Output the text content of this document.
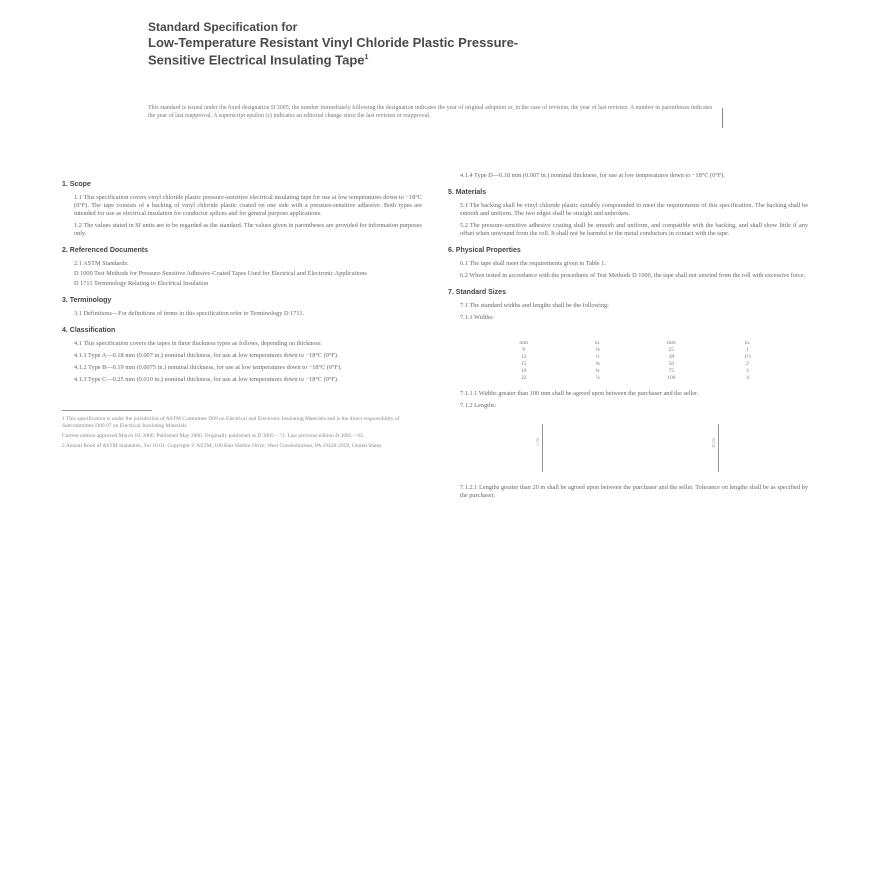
Standard Specification for
Low-Temperature Resistant Vinyl Chloride Plastic Pressure-
Sensitive Electrical Insulating Tape$^1$
This standard is issued under the fixed designation D 3005; the number immediately following the designation indicates the year of original adoption or, in the case of revision, the year of last revision. A number in parentheses indicates the year of last reapproval. A superscript epsilon (ε) indicates an editorial change since the last revision or reapproval.
1. Scope

1.1 This specification covers vinyl chloride plastic pressure-sensitive electrical insulating tape for use at low temperatures down to −18°C (0°F). The tape consists of a backing of vinyl chloride plastic coated on one side with a pressure-sensitive adhesive. Both types are intended for use as electrical insulation for conductor splices and for general purpose applications.

1.2 The values stated in SI units are to be regarded as the standard. The values given in parentheses are provided for information purposes only.

2. Referenced Documents

2.1 ASTM Standards:

D 1000 Test Methods for Pressure-Sensitive Adhesive-Coated Tapes Used for Electrical and Electronic Applications

D 1711 Terminology Relating to Electrical Insulation

3. Terminology

3.1 Definitions—For definitions of terms in this specification refer to Terminology D 1711.

4. Classification

4.1 This specification covers the tapes in three thickness types as follows, depending on thickness:

4.1.1 Type A—0.18 mm (0.007 in.) nominal thickness, for use at low temperatures down to −18°C (0°F).

4.1.2 Type B—0.19 mm (0.0075 in.) nominal thickness, for use at low temperatures down to −18°C (0°F).

4.1.3 Type C—0.25 mm (0.010 in.) nominal thickness, for use at low temperatures down to −18°C (0°F).

1 This specification is under the jurisdiction of ASTM Committee D09 on Electrical and Electronic Insulating Materials and is the direct responsibility of Subcommittee D09.07 on Electrical Insulating Materials.

Current edition approved March 10, 2000. Published May 2000. Originally published as D 3005 – 71. Last previous edition D 3005 – 93.

2 Annual Book of ASTM Standards, Vol 10.01. Copyright © ASTM, 100 Barr Harbor Drive, West Conshohocken, PA 19428-2959, United States.

4.1.4 Type D—0.18 mm (0.007 in.) nominal thickness, for use at low temperatures down to −18°C (0°F).

5. Materials

5.1 The backing shall be vinyl chloride plastic suitably compounded to meet the requirements of this specification. The backing shall be smooth and uniform. The two edges shall be straight and unbroken.

5.2 The pressure-sensitive adhesive coating shall be smooth and uniform, and compatible with the backing, and shall show little if any offset when unwound from the roll. It shall not be harmful to the metal conductors in contact with the tape.

6. Physical Properties

6.1 The tape shall meet the requirements given in Table 1.

6.2 When tested in accordance with the procedures of Test Methods D 1000, the tape shall not unwind from the roll with excessive force.

7. Standard Sizes

7.1 The standard widths and lengths shall be the following:

7.1.1 Widths:

mm	in.	mm	in.
9	⅜	25	1
12	½	38	1½
15	⅝	50	2
19	¾	75	3
22	⅞	100	4

7.1.1.1 Widths greater than 100 mm shall be agreed upon between the purchaser and the seller.

7.1.2 Lengths:

5 m	20 m

7.1.2.1 Lengths greater than 20 m shall be agreed upon between the purchaser and the seller. Tolerance on lengths shall be as specified by the purchaser.
